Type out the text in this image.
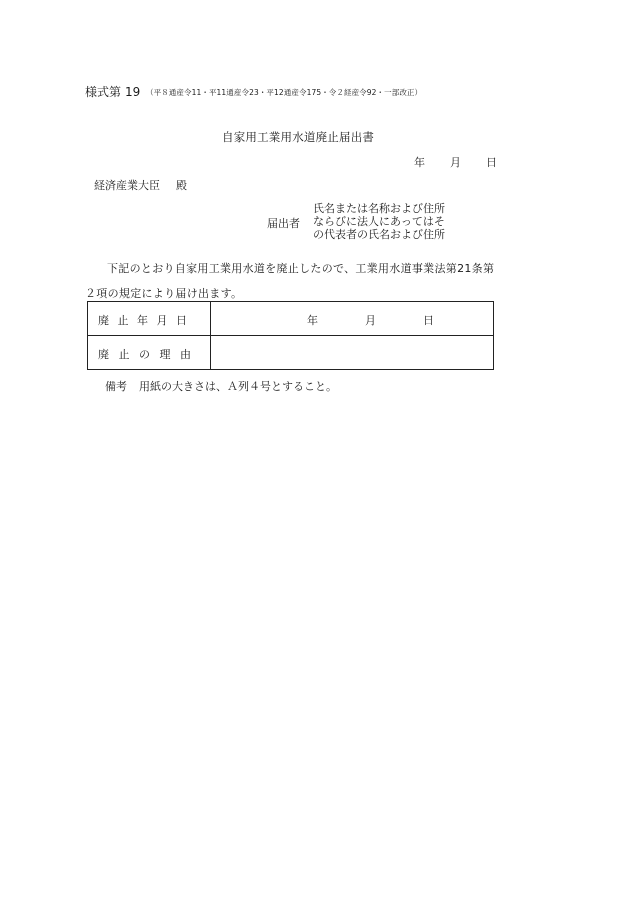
様式第 19 （平８通産令11・平11通産令23・平12通産令175・令２経産令92・一部改正）
自家用工業用水道廃止届出書
年 月 日
経済産業大臣 殿
届出者
氏名または名称および住所
ならびに法人にあってはそ
の代表者の氏名および住所
下記のとおり自家用工業用水道を廃止したので、工業用水道事業法第21条第２項の規定により届け出ます。
廃止年月日	年	月	日
廃止の理由
備考 用紙の大きさは、Ａ列４号とすること。
